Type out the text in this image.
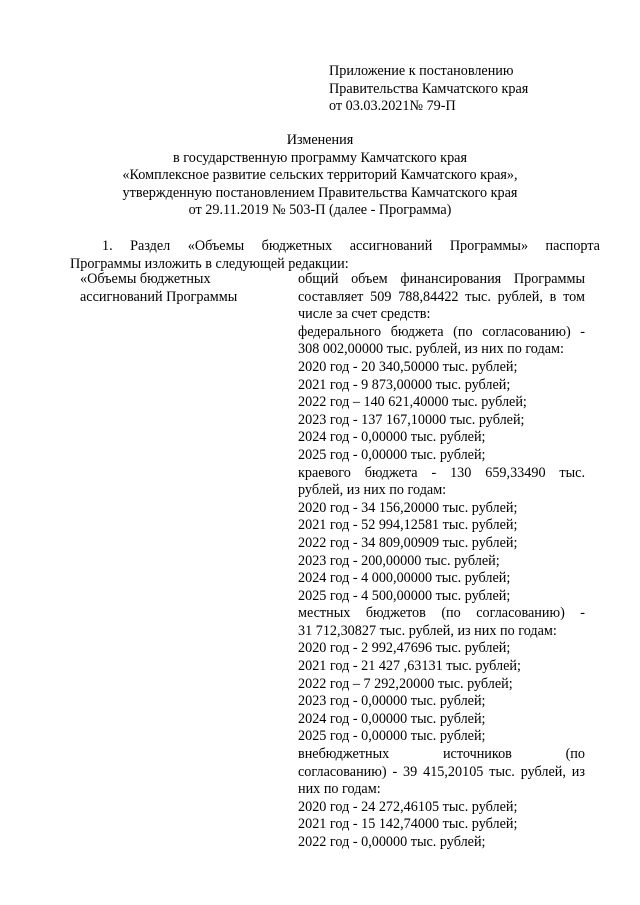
Приложение к постановлению
Правительства Камчатского края
от 03.03.2021№ 79-П
Изменения
в государственную программу Камчатского края
«Комплексное развитие сельских территорий Камчатского края»,
утвержденную постановлением Правительства Камчатского края
от 29.11.2019 № 503-П (далее - Программа)
1. Раздел «Объемы бюджетных ассигнований Программы» паспорта
Программы изложить в следующей редакции:
«Объемы бюджетных
ассигнований Программы
общий объем финансирования Программы
составляет 509 788,84422 тыс. рублей, в том
числе за счет средств:
федерального бюджета (по согласованию) -
308 002,00000 тыс. рублей, из них по годам:
2020 год - 20 340,50000 тыс. рублей;
2021 год - 9 873,00000 тыс. рублей;
2022 год – 140 621,40000 тыс. рублей;
2023 год - 137 167,10000 тыс. рублей;
2024 год - 0,00000 тыс. рублей;
2025 год - 0,00000 тыс. рублей;
краевого бюджета - 130 659,33490 тыс.
рублей, из них по годам:
2020 год - 34 156,20000 тыс. рублей;
2021 год - 52 994,12581 тыс. рублей;
2022 год - 34 809,00909 тыс. рублей;
2023 год - 200,00000 тыс. рублей;
2024 год - 4 000,00000 тыс. рублей;
2025 год - 4 500,00000 тыс. рублей;
местных бюджетов (по согласованию) -
31 712,30827 тыс. рублей, из них по годам:
2020 год - 2 992,47696 тыс. рублей;
2021 год - 21 427 ,63131 тыс. рублей;
2022 год – 7 292,20000 тыс. рублей;
2023 год - 0,00000 тыс. рублей;
2024 год - 0,00000 тыс. рублей;
2025 год - 0,00000 тыс. рублей;
внебюджетных источников (по
согласованию) - 39 415,20105 тыс. рублей, из
них по годам:
2020 год - 24 272,46105 тыс. рублей;
2021 год - 15 142,74000 тыс. рублей;
2022 год - 0,00000 тыс. рублей;
